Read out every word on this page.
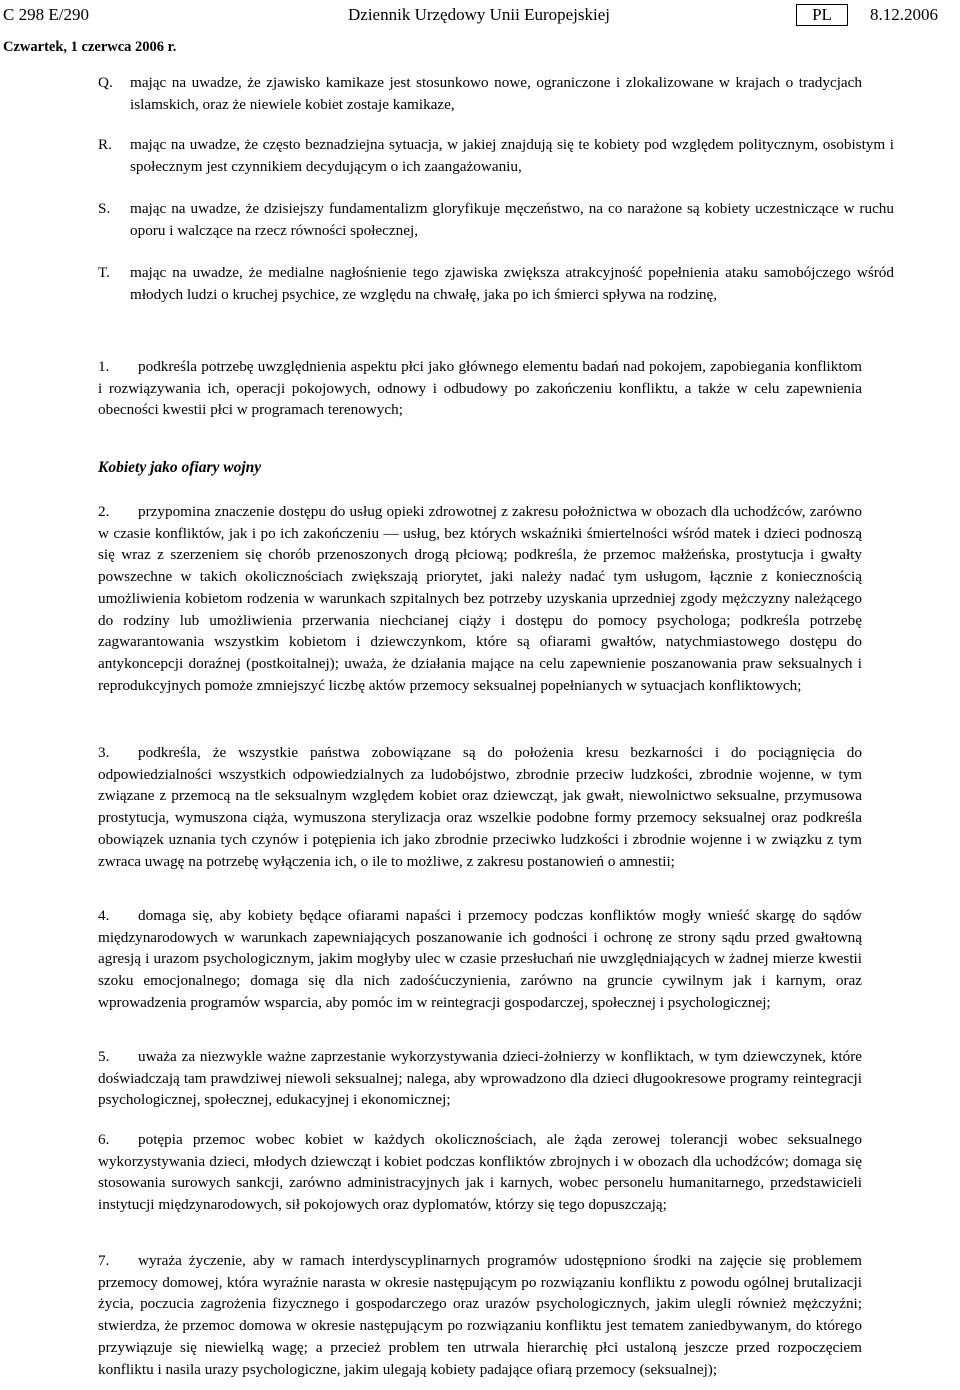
C 298 E/290	Dziennik Urzędowy Unii Europejskiej	PL	8.12.2006
Czwartek, 1 czerwca 2006 r.
Q. mając na uwadze, że zjawisko kamikaze jest stosunkowo nowe, ograniczone i zlokalizowane w krajach o tradycjach islamskich, oraz że niewiele kobiet zostaje kamikaze,
R. mając na uwadze, że często beznadziejna sytuacja, w jakiej znajdują się te kobiety pod względem politycznym, osobistym i społecznym jest czynnikiem decydującym o ich zaangażowaniu,
S. mając na uwadze, że dzisiejszy fundamentalizm gloryfikuje męczeństwo, na co narażone są kobiety uczestniczące w ruchu oporu i walczące na rzecz równości społecznej,
T. mając na uwadze, że medialne nagłośnienie tego zjawiska zwiększa atrakcyjność popełnienia ataku samobójczego wśród młodych ludzi o kruchej psychice, ze względu na chwałę, jaka po ich śmierci spływa na rodzinę,
1. podkreśla potrzebę uwzględnienia aspektu płci jako głównego elementu badań nad pokojem, zapobiegania konfliktom i rozwiązywania ich, operacji pokojowych, odnowy i odbudowy po zakończeniu konfliktu, a także w celu zapewnienia obecności kwestii płci w programach terenowych;
Kobiety jako ofiary wojny
2. przypomina znaczenie dostępu do usług opieki zdrowotnej z zakresu położnictwa w obozach dla uchodźców, zarówno w czasie konfliktów, jak i po ich zakończeniu — usług, bez których wskaźniki śmiertelności wśród matek i dzieci podnoszą się wraz z szerzeniem się chorób przenoszonych drogą płciową; podkreśla, że przemoc małżeńska, prostytucja i gwałty powszechne w takich okolicznościach zwiększają priorytet, jaki należy nadać tym usługom, łącznie z koniecznością umożliwienia kobietom rodzenia w warunkach szpitalnych bez potrzeby uzyskania uprzedniej zgody mężczyzny należącego do rodziny lub umożliwienia przerwania niechcianej ciąży i dostępu do pomocy psychologa; podkreśla potrzebę zagwarantowania wszystkim kobietom i dziewczynkom, które są ofiarami gwałtów, natychmiastowego dostępu do antykoncepcji doraźnej (postkoitalnej); uważa, że działania mające na celu zapewnienie poszanowania praw seksualnych i reprodukcyjnych pomoże zmniejszyć liczbę aktów przemocy seksualnej popełnianych w sytuacjach konfliktowych;
3. podkreśla, że wszystkie państwa zobowiązane są do położenia kresu bezkarności i do pociągnięcia do odpowiedzialności wszystkich odpowiedzialnych za ludobójstwo, zbrodnie przeciw ludzkości, zbrodnie wojenne, w tym związane z przemocą na tle seksualnym względem kobiet oraz dziewcząt, jak gwałt, niewolnictwo seksualne, przymusowa prostytucja, wymuszona ciąża, wymuszona sterylizacja oraz wszelkie podobne formy przemocy seksualnej oraz podkreśla obowiązek uznania tych czynów i potępienia ich jako zbrodnie przeciwko ludzkości i zbrodnie wojenne i w związku z tym zwraca uwagę na potrzebę wyłączenia ich, o ile to możliwe, z zakresu postanowień o amnestii;
4. domaga się, aby kobiety będące ofiarami napaści i przemocy podczas konfliktów mogły wnieść skargę do sądów międzynarodowych w warunkach zapewniających poszanowanie ich godności i ochronę ze strony sądu przed gwałtowną agresją i urazom psychologicznym, jakim mogłyby ulec w czasie przesłuchań nie uwzględniających w żadnej mierze kwestii szoku emocjonalnego; domaga się dla nich zadośćuczynienia, zarówno na gruncie cywilnym jak i karnym, oraz wprowadzenia programów wsparcia, aby pomóc im w reintegracji gospodarczej, społecznej i psychologicznej;
5. uważa za niezwykle ważne zaprzestanie wykorzystywania dzieci-żołnierzy w konfliktach, w tym dziewczynek, które doświadczają tam prawdziwej niewoli seksualnej; nalega, aby wprowadzono dla dzieci długookresowe programy reintegracji psychologicznej, społecznej, edukacyjnej i ekonomicznej;
6. potępia przemoc wobec kobiet w każdych okolicznościach, ale żąda zerowej tolerancji wobec seksualnego wykorzystywania dzieci, młodych dziewcząt i kobiet podczas konfliktów zbrojnych i w obozach dla uchodźców; domaga się stosowania surowych sankcji, zarówno administracyjnych jak i karnych, wobec personelu humanitarnego, przedstawicieli instytucji międzynarodowych, sił pokojowych oraz dyplomatów, którzy się tego dopuszczają;
7. wyraża życzenie, aby w ramach interdyscyplinarnych programów udostępniono środki na zajęcie się problemem przemocy domowej, która wyraźnie narasta w okresie następującym po rozwiązaniu konfliktu z powodu ogólnej brutalizacji życia, poczucia zagrożenia fizycznego i gospodarczego oraz urazów psychologicznych, jakim ulegli również mężczyźni; stwierdza, że przemoc domowa w okresie następującym po rozwiązaniu konfliktu jest tematem zaniedbywanym, do którego przywiązuje się niewielką wagę; a przecież problem ten utrwala hierarchię płci ustaloną jeszcze przed rozpoczęciem konfliktu i nasila urazy psychologiczne, jakim ulegają kobiety padające ofiarą przemocy (seksualnej);
